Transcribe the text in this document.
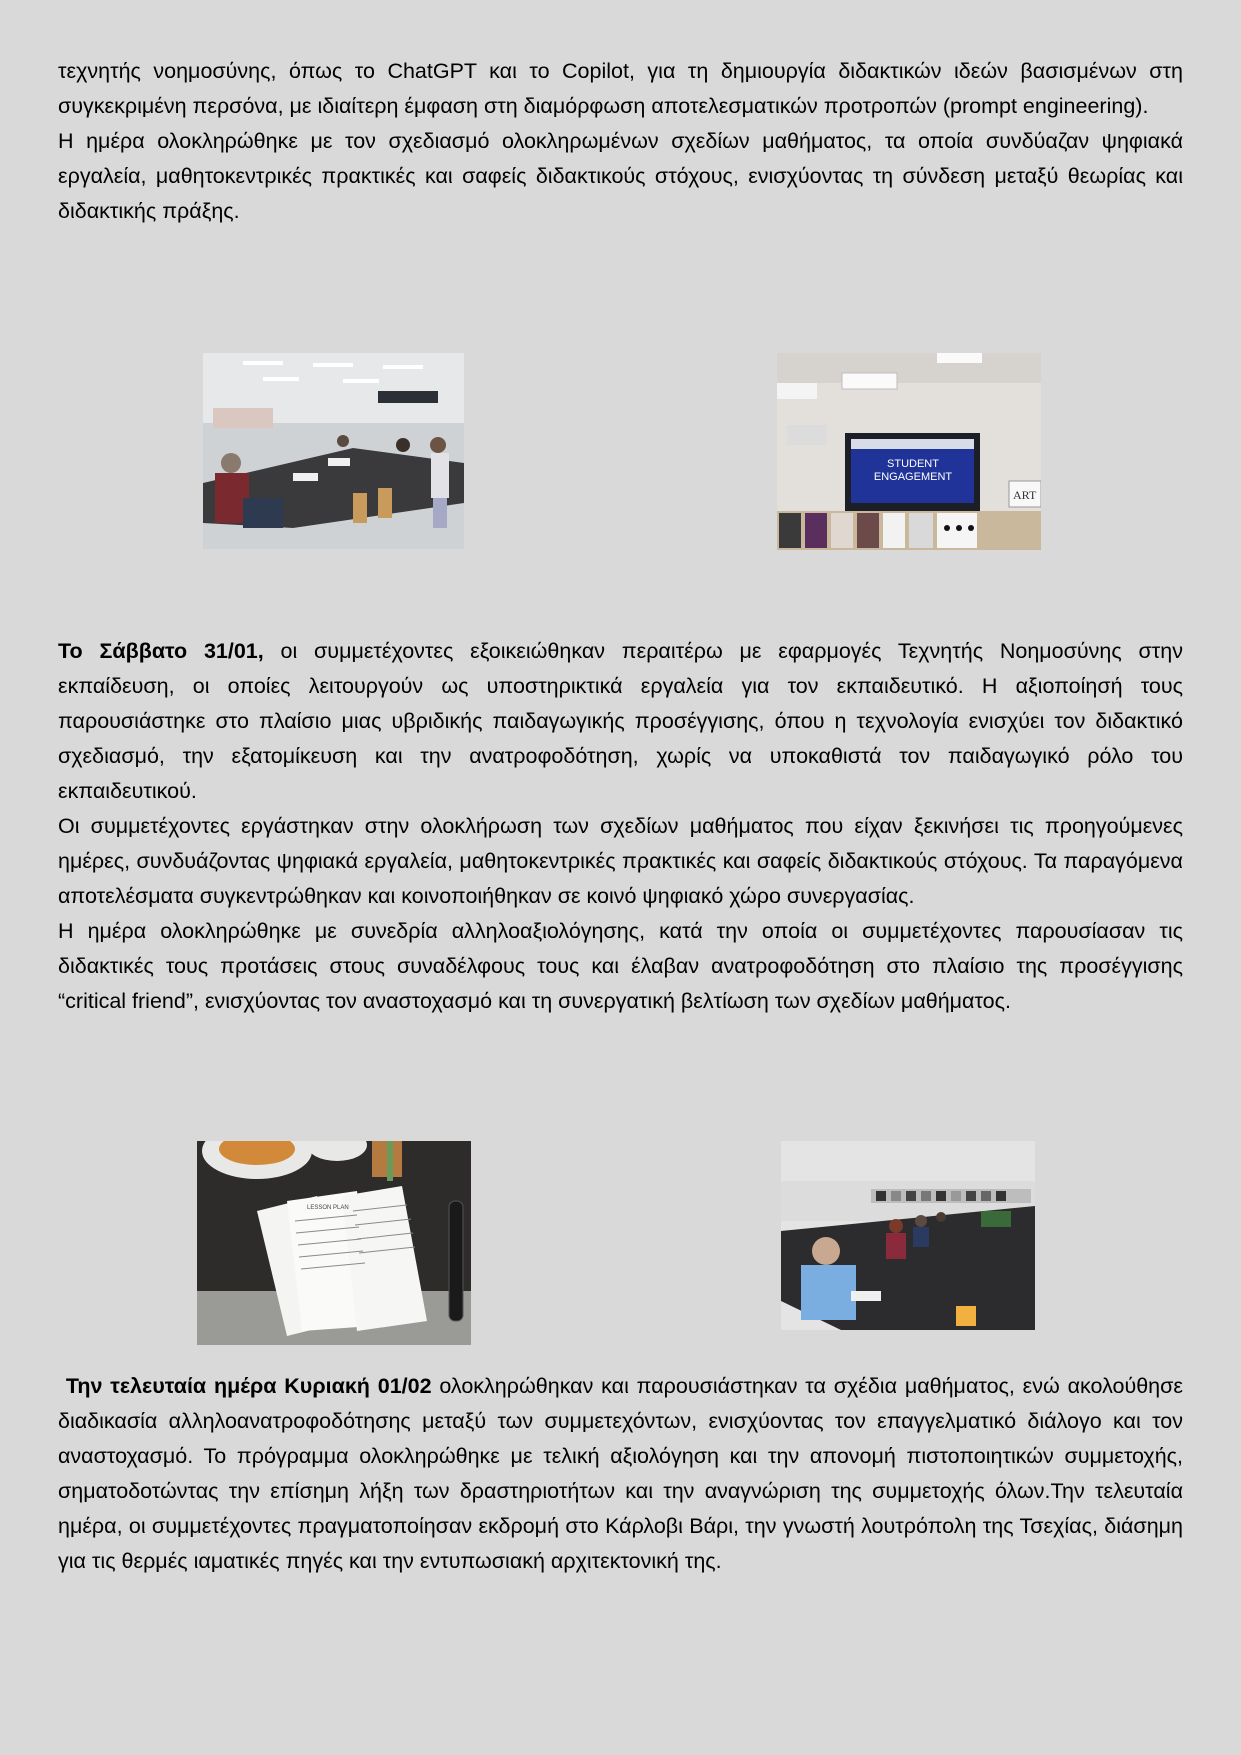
τεχνητής νοημοσύνης, όπως το ChatGPT και το Copilot, για τη δημιουργία διδακτικών ιδεών βασισμένων στη συγκεκριμένη περσόνα, με ιδιαίτερη έμφαση στη διαμόρφωση αποτελεσματικών προτροπών (prompt engineering).
Η ημέρα ολοκληρώθηκε με τον σχεδιασμό ολοκληρωμένων σχεδίων μαθήματος, τα οποία συνδύαζαν ψηφιακά εργαλεία, μαθητοκεντρικές πρακτικές και σαφείς διδακτικούς στόχους, ενισχύοντας τη σύνδεση μεταξύ θεωρίας και διδακτικής πράξης.

STUDENT
ENGAGEMENT
ART

Το Σάββατο 31/01, οι συμμετέχοντες εξοικειώθηκαν περαιτέρω με εφαρμογές Τεχνητής Νοημοσύνης στην εκπαίδευση, οι οποίες λειτουργούν ως υποστηρικτικά εργαλεία για τον εκπαιδευτικό. Η αξιοποίησή τους παρουσιάστηκε στο πλαίσιο μιας υβριδικής παιδαγωγικής προσέγγισης, όπου η τεχνολογία ενισχύει τον διδακτικό σχεδιασμό, την εξατομίκευση και την ανατροφοδότηση, χωρίς να υποκαθιστά τον παιδαγωγικό ρόλο του εκπαιδευτικού.
Οι συμμετέχοντες εργάστηκαν στην ολοκλήρωση των σχεδίων μαθήματος που είχαν ξεκινήσει τις προηγούμενες ημέρες, συνδυάζοντας ψηφιακά εργαλεία, μαθητοκεντρικές πρακτικές και σαφείς διδακτικούς στόχους. Τα παραγόμενα αποτελέσματα συγκεντρώθηκαν και κοινοποιήθηκαν σε κοινό ψηφιακό χώρο συνεργασίας.
Η ημέρα ολοκληρώθηκε με συνεδρία αλληλοαξιολόγησης, κατά την οποία οι συμμετέχοντες παρουσίασαν τις διδακτικές τους προτάσεις στους συναδέλφους τους και έλαβαν ανατροφοδότηση στο πλαίσιο της προσέγγισης “critical friend”, ενισχύοντας τον αναστοχασμό και τη συνεργατική βελτίωση των σχεδίων μαθήματος.

LESSON PLAN

Την τελευταία ημέρα Κυριακή 01/02 ολοκληρώθηκαν και παρουσιάστηκαν τα σχέδια μαθήματος, ενώ ακολούθησε διαδικασία αλληλοανατροφοδότησης μεταξύ των συμμετεχόντων, ενισχύοντας τον επαγγελματικό διάλογο και τον αναστοχασμό. Το πρόγραμμα ολοκληρώθηκε με τελική αξιολόγηση και την απονομή πιστοποιητικών συμμετοχής, σηματοδοτώντας την επίσημη λήξη των δραστηριοτήτων και την αναγνώριση της συμμετοχής όλων.Την τελευταία ημέρα, οι συμμετέχοντες πραγματοποίησαν εκδρομή στο Κάρλοβι Βάρι, την γνωστή λουτρόπολη της Τσεχίας, διάσημη για τις θερμές ιαματικές πηγές και την εντυπωσιακή αρχιτεκτονική της.
